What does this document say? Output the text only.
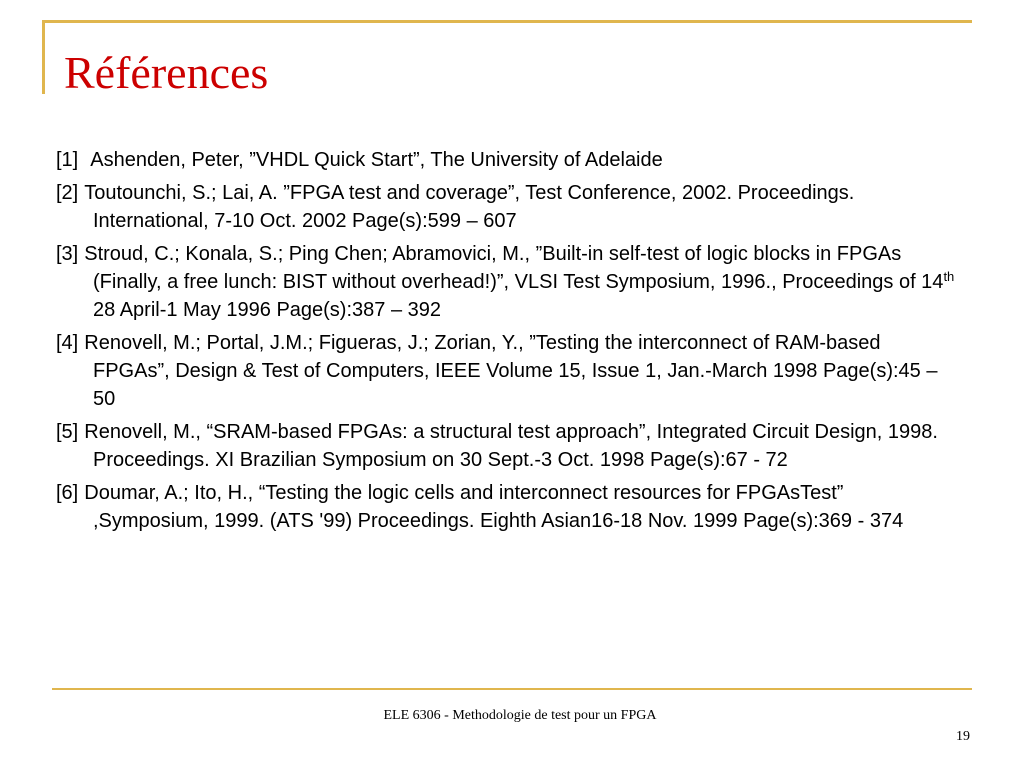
Références
[1] Ashenden, Peter, ”VHDL Quick Start”, The University of Adelaide
[2] Toutounchi, S.; Lai, A. ”FPGA test and coverage”, Test Conference, 2002. Proceedings. International, 7-10 Oct. 2002 Page(s):599 – 607
[3] Stroud, C.; Konala, S.; Ping Chen; Abramovici, M., ”Built-in self-test of logic blocks in FPGAs (Finally, a free lunch: BIST without overhead!)”, VLSI Test Symposium, 1996., Proceedings of 14th 28 April-1 May 1996 Page(s):387 – 392
[4] Renovell, M.; Portal, J.M.; Figueras, J.; Zorian, Y., ”Testing the interconnect of RAM-based FPGAs”, Design & Test of Computers, IEEE Volume 15, Issue 1, Jan.-March 1998 Page(s):45 – 50
[5] Renovell, M., “SRAM-based FPGAs: a structural test approach”, Integrated Circuit Design, 1998. Proceedings. XI Brazilian Symposium on 30 Sept.-3 Oct. 1998 Page(s):67 - 72
[6] Doumar, A.; Ito, H., “Testing the logic cells and interconnect resources for FPGAsTest” ,Symposium, 1999. (ATS '99) Proceedings. Eighth Asian16-18 Nov. 1999 Page(s):369 - 374
ELE 6306 - Methodologie de test pour un FPGA
19
